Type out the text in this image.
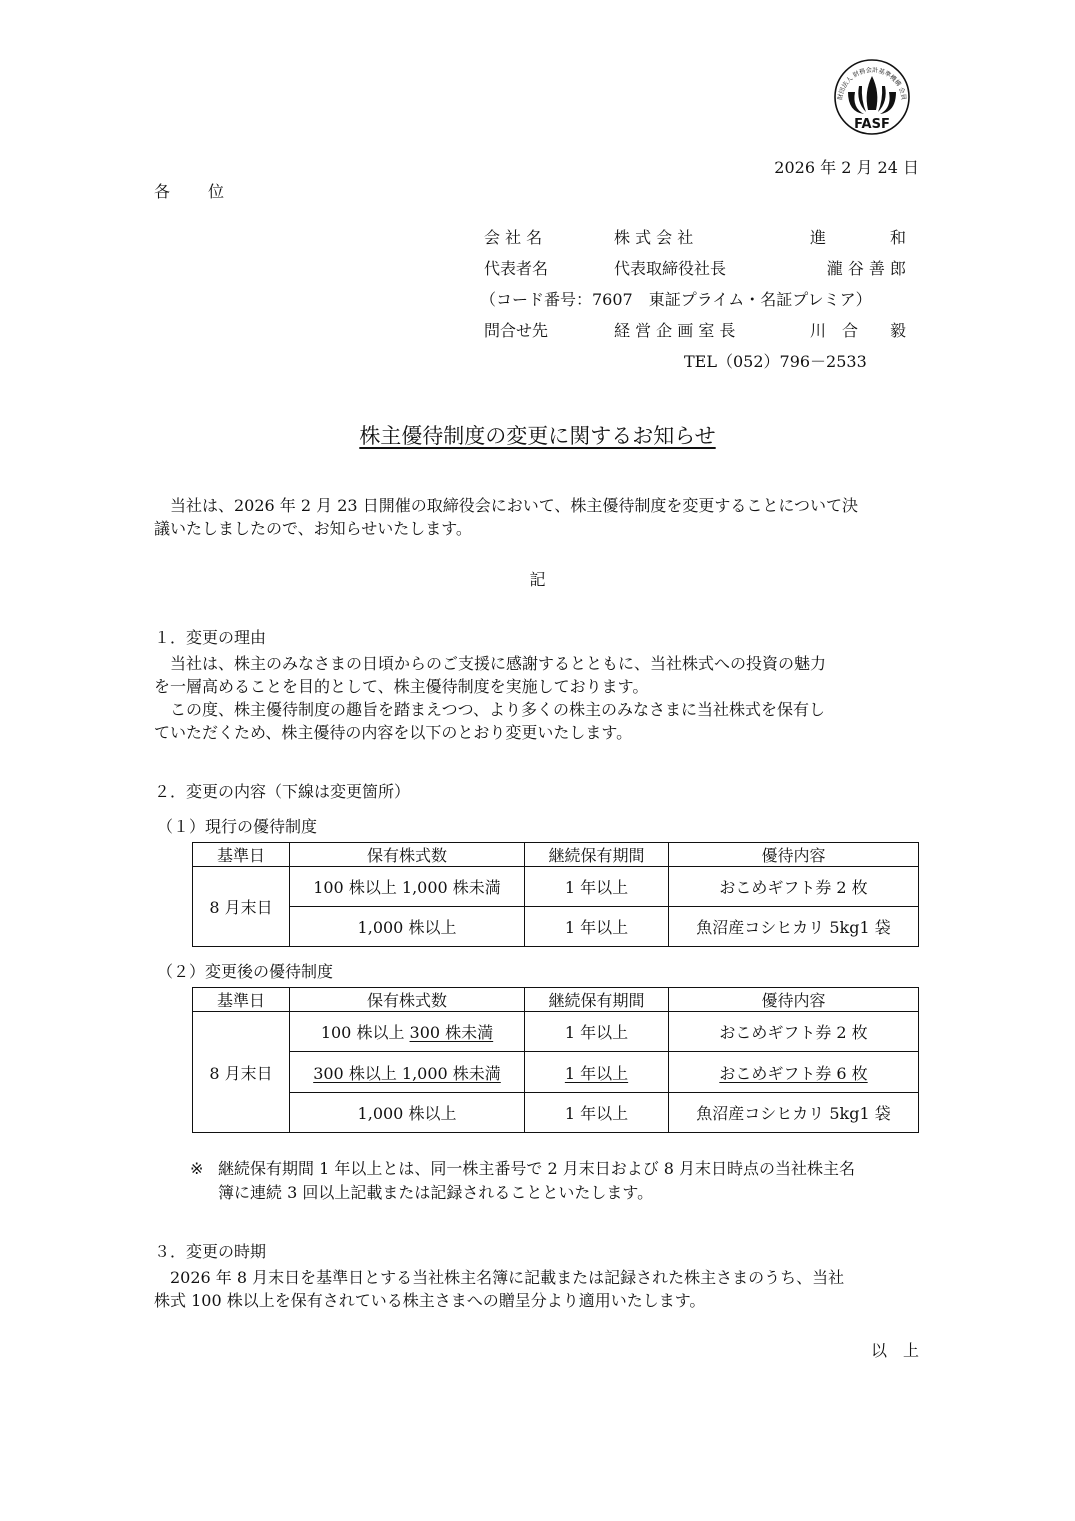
財団法人 財務会計基準機構 会員
FASF
2026 年 2 月 24 日
各 位
会 社 名	株 式 会 社	進　　　　和
代表者名	代表取締役社長	瀧 谷 善 郎
（コード番号：7607　東証プライム・名証プレミア）
問合せ先	経 営 企 画 室 長	川　合　　毅
TEL（052）796－2533
株主優待制度の変更に関するお知らせ

当社は、2026 年 2 月 23 日開催の取締役会において、株主優待制度を変更することについて決

議いたしましたので、お知らせいたします。

記
１．変更の理由

当社は、株主のみなさまの日頃からのご支援に感謝するとともに、当社株式への投資の魅力

を一層高めることを目的として、株主優待制度を実施しております。

この度、株主優待制度の趣旨を踏まえつつ、より多くの株主のみなさまに当社株式を保有し

ていただくため、株主優待の内容を以下のとおり変更いたします。

２．変更の内容（下線は変更箇所）
（１）現行の優待制度
基準日	保有株式数	継続保有期間	優待内容
8 月末日	100 株以上 1,000 株未満	1 年以上	おこめギフト券 2 枚
	1,000 株以上	1 年以上	魚沼産コシヒカリ 5kg1 袋
（２）変更後の優待制度
基準日	保有株式数	継続保有期間	優待内容
8 月末日	100 株以上 300 株未満	1 年以上	おこめギフト券 2 枚
	300 株以上 1,000 株未満	1 年以上	おこめギフト券 6 枚
	1,000 株以上	1 年以上	魚沼産コシヒカリ 5kg1 袋
※ 継続保有期間 1 年以上とは、同一株主番号で 2 月末日および 8 月末日時点の当社株主名
簿に連続 3 回以上記載または記録されることといたします。
３．変更の時期

2026 年 8 月末日を基準日とする当社株主名簿に記載または記録された株主さまのうち、当社

株式 100 株以上を保有されている株主さまへの贈呈分より適用いたします。

以　上
